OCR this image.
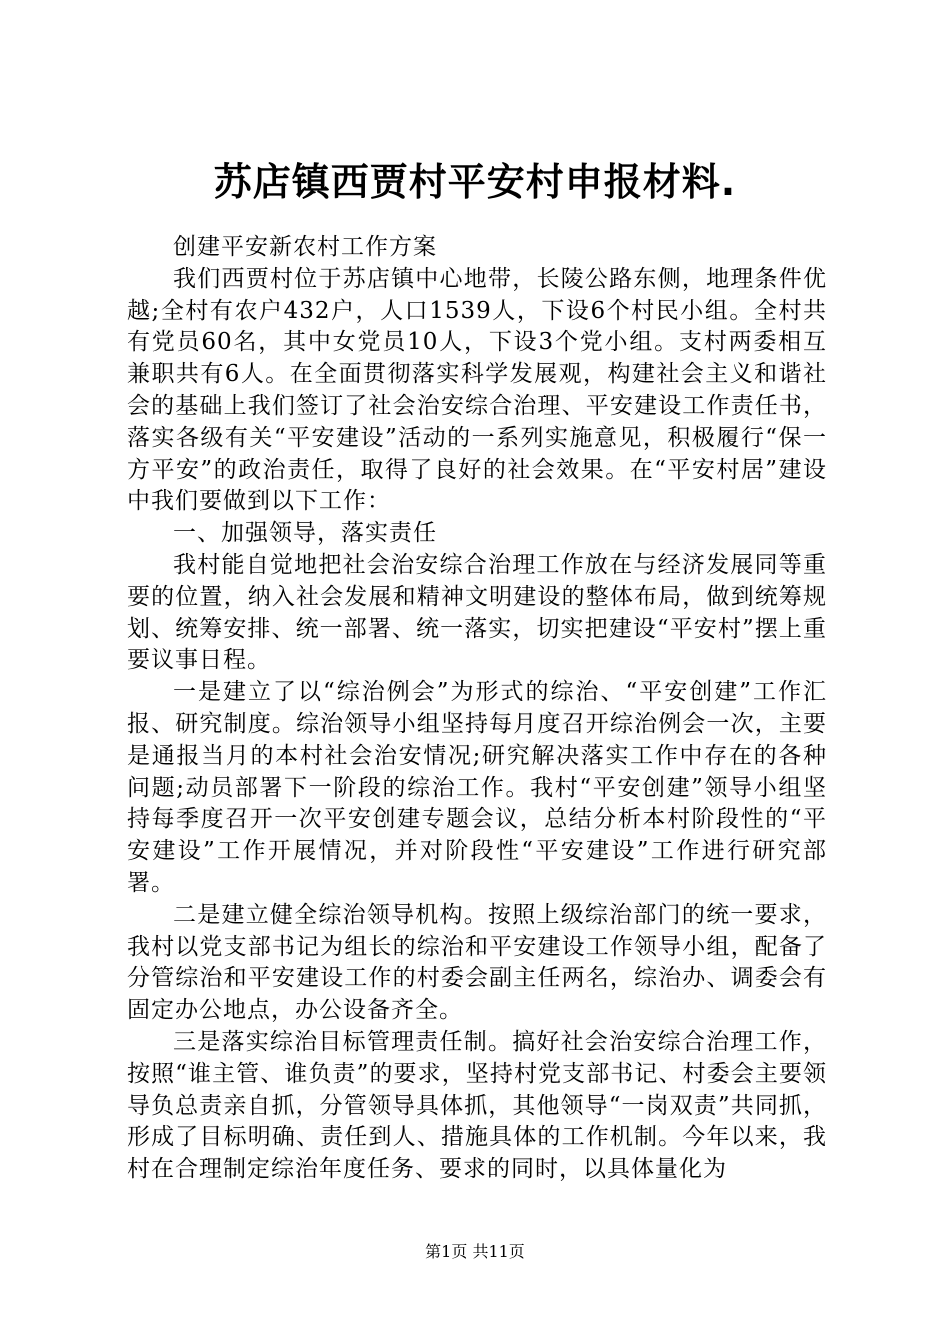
苏店镇西贾村平安村申报材料.

创建平安新农村工作方案

我们西贾村位于苏店镇中心地带，长陵公路东侧，地理条件优越;全村有农户432户，人口1539人，下设6个村民小组。全村共有党员60名，其中女党员10人，下设3个党小组。支村两委相互兼职共有6人。在全面贯彻落实科学发展观，构建社会主义和谐社会的基础上我们签订了社会治安综合治理、平安建设工作责任书，落实各级有关“平安建设”活动的一系列实施意见，积极履行“保一方平安”的政治责任，取得了良好的社会效果。在“平安村居”建设中我们要做到以下工作：

一、加强领导，落实责任

我村能自觉地把社会治安综合治理工作放在与经济发展同等重要的位置，纳入社会发展和精神文明建设的整体布局，做到统筹规划、统筹安排、统一部署、统一落实，切实把建设“平安村”摆上重要议事日程。

一是建立了以“综治例会”为形式的综治、“平安创建”工作汇报、研究制度。综治领导小组坚持每月度召开综治例会一次，主要是通报当月的本村社会治安情况;研究解决落实工作中存在的各种问题;动员部署下一阶段的综治工作。我村“平安创建”领导小组坚持每季度召开一次平安创建专题会议，总结分析本村阶段性的“平安建设”工作开展情况，并对阶段性“平安建设”工作进行研究部署。

二是建立健全综治领导机构。按照上级综治部门的统一要求，我村以党支部书记为组长的综治和平安建设工作领导小组，配备了分管综治和平安建设工作的村委会副主任两名，综治办、调委会有固定办公地点，办公设备齐全。

三是落实综治目标管理责任制。搞好社会治安综合治理工作，按照“谁主管、谁负责”的要求，坚持村党支部书记、村委会主要领导负总责亲自抓，分管领导具体抓，其他领导“一岗双责”共同抓，形成了目标明确、责任到人、措施具体的工作机制。今年以来，我村在合理制定综治年度任务、要求的同时，以具体量化为

第1页 共11页
